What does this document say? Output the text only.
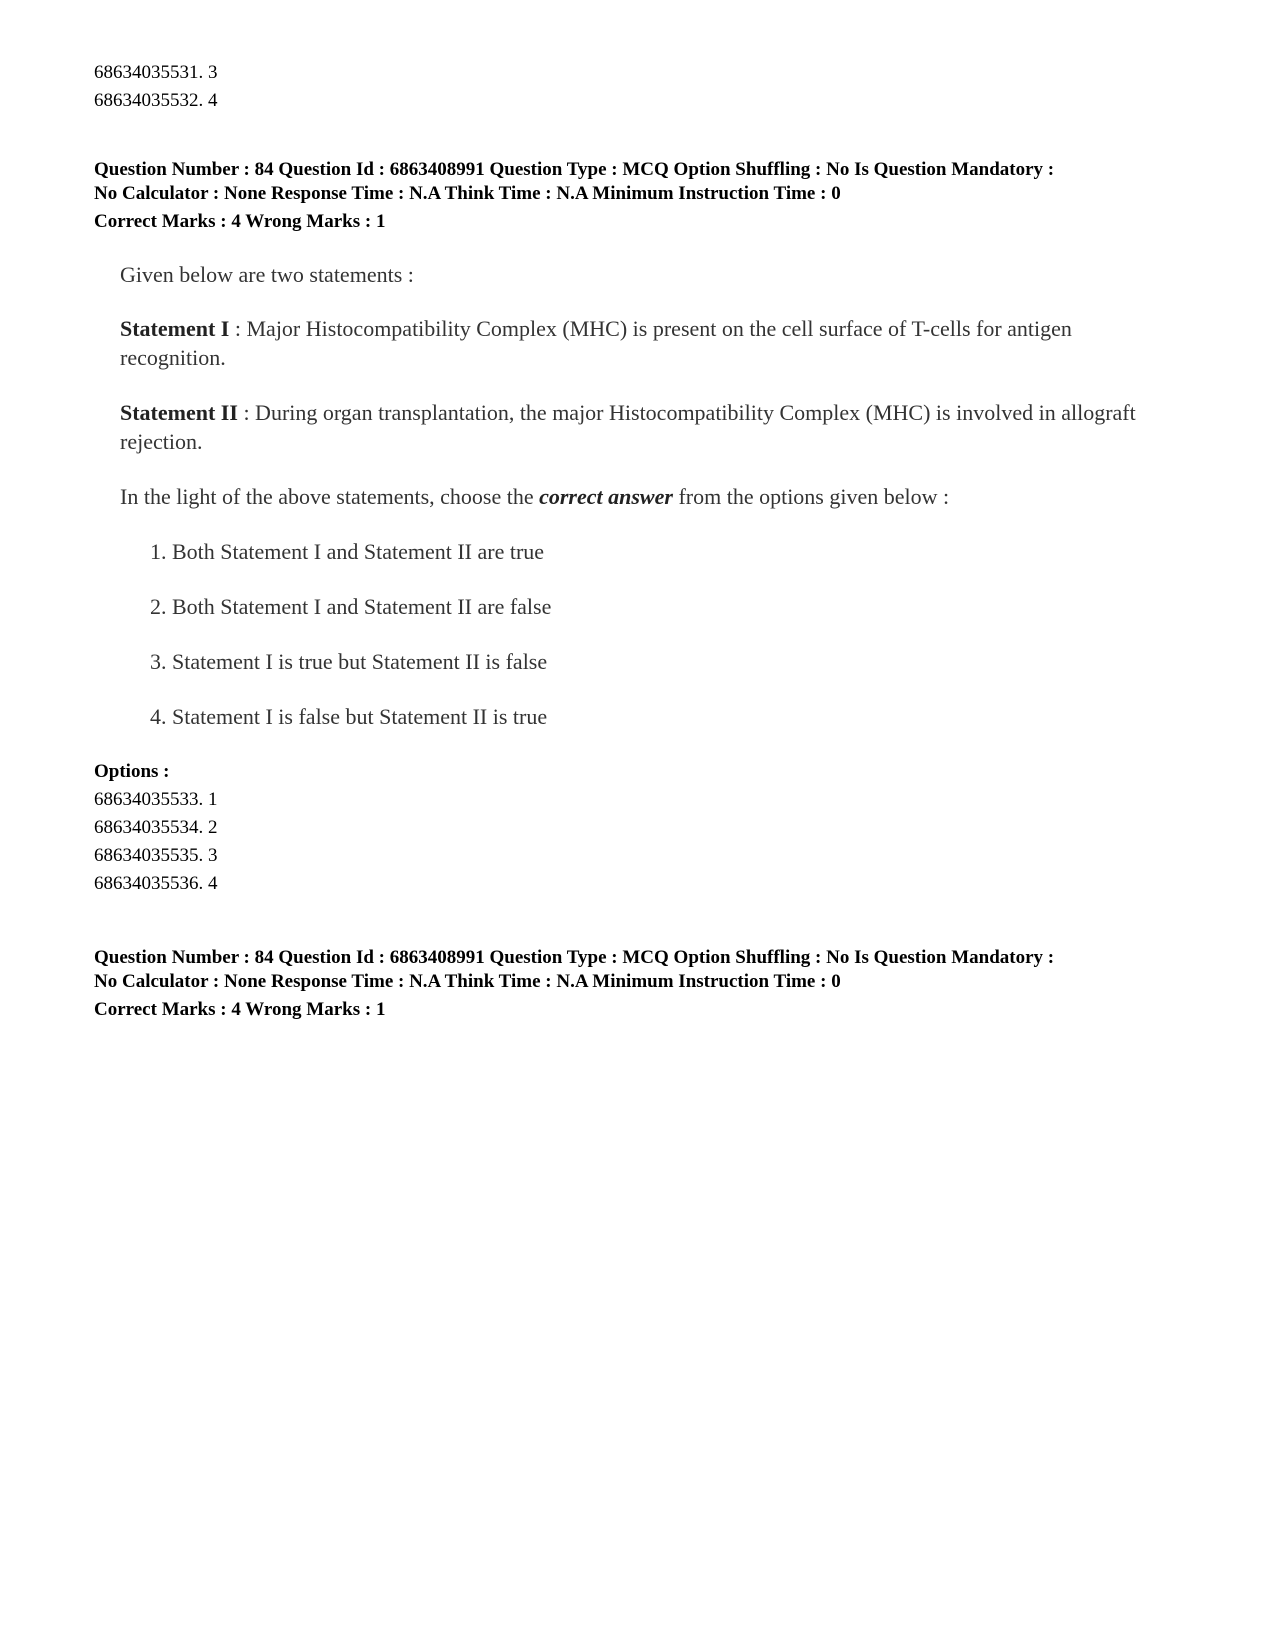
68634035531. 3

68634035532. 4

Question Number : 84 Question Id : 6863408991 Question Type : MCQ Option Shuffling : No Is Question Mandatory :

No Calculator : None Response Time : N.A Think Time : N.A Minimum Instruction Time : 0

Correct Marks : 4 Wrong Marks : 1

Given below are two statements :
Statement I : Major Histocompatibility Complex (MHC) is present on the cell surface of T-cells for antigen recognition.
Statement II : During organ transplantation, the major Histocompatibility Complex (MHC) is involved in allograft rejection.
In the light of the above statements, choose the correct answer from the options given below :
1. Both Statement I and Statement II are true
2. Both Statement I and Statement II are false
3. Statement I is true but Statement II is false
4. Statement I is false but Statement II is true

Options :

68634035533. 1

68634035534. 2

68634035535. 3

68634035536. 4

Question Number : 84 Question Id : 6863408991 Question Type : MCQ Option Shuffling : No Is Question Mandatory :

No Calculator : None Response Time : N.A Think Time : N.A Minimum Instruction Time : 0

Correct Marks : 4 Wrong Marks : 1
